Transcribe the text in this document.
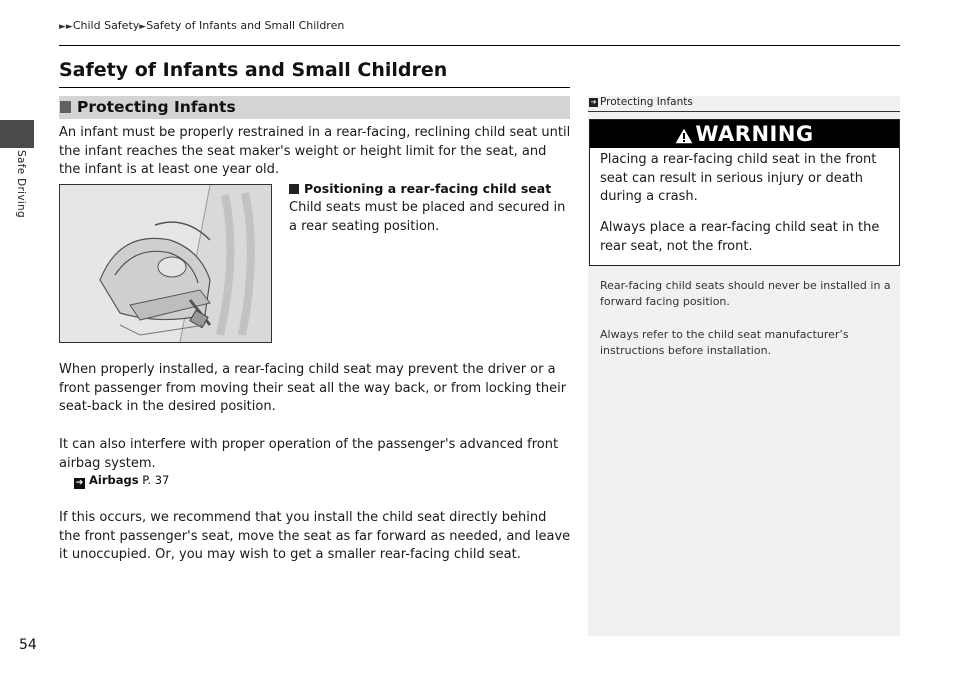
►►Child Safety►Safety of Infants and Small Children
Safe Driving
54
Safety of Infants and Small Children
Protecting Infants
An infant must be properly restrained in a rear-facing, reclining child seat until the infant reaches the seat maker's weight or height limit for the seat, and the infant is at least one year old.
Positioning a rear-facing child seat
Child seats must be placed and secured in a rear seating position.
When properly installed, a rear-facing child seat may prevent the driver or a front passenger from moving their seat all the way back, or from locking their seat-back in the desired position.
It can also interfere with proper operation of the passenger's advanced front airbag system.
➔ Airbags P. 37
If this occurs, we recommend that you install the child seat directly behind the front passenger's seat, move the seat as far forward as needed, and leave it unoccupied. Or, you may wish to get a smaller rear-facing child seat.
➔ Protecting Infants
WARNING
Placing a rear-facing child seat in the front seat can result in serious injury or death during a crash.
Always place a rear-facing child seat in the rear seat, not the front.
Rear-facing child seats should never be installed in a forward facing position.
Always refer to the child seat manufacturer’s instructions before installation.
